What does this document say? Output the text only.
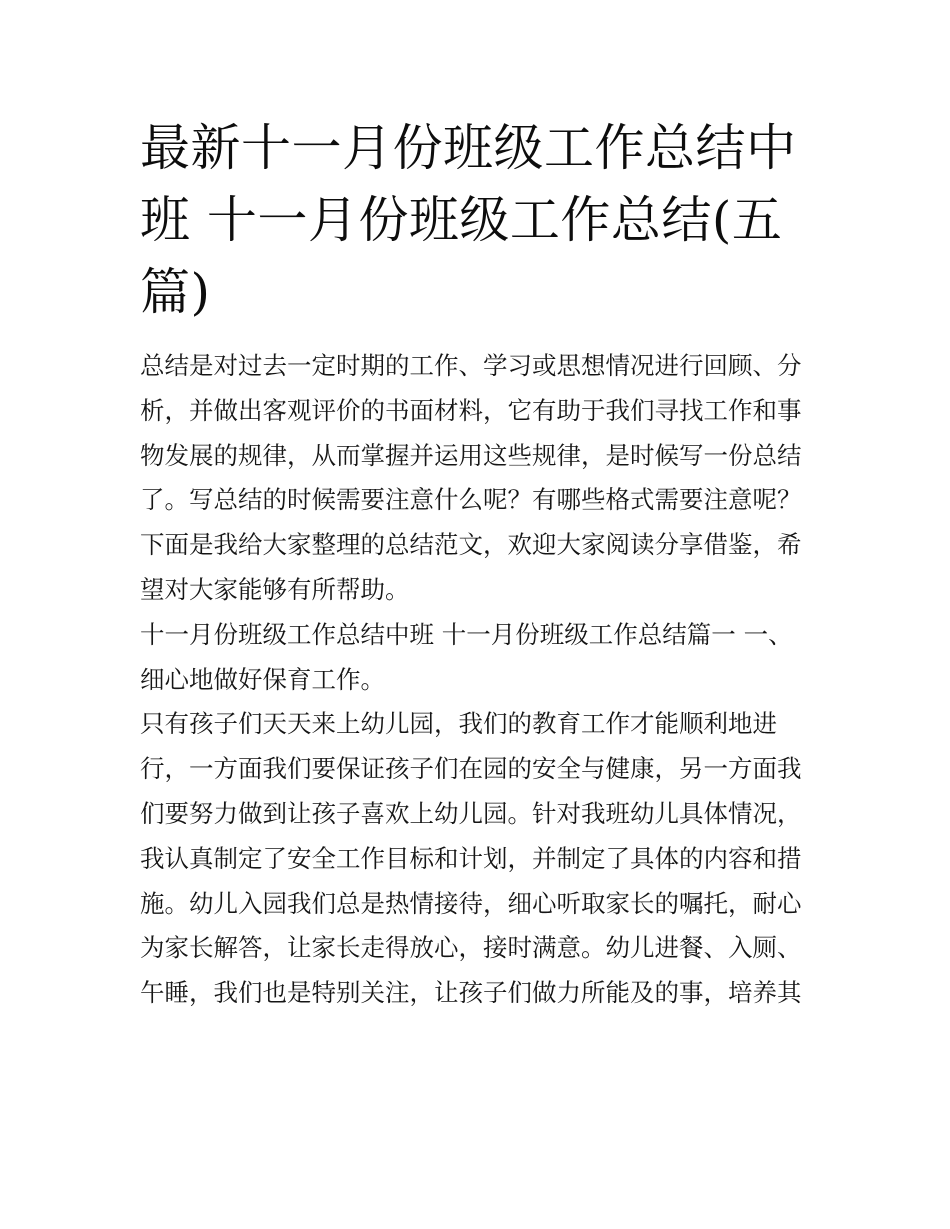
最新十一月份班级工作总结中
班 十一月份班级工作总结(五
篇)
总结是对过去一定时期的工作、学习或思想情况进行回顾、分
析，并做出客观评价的书面材料，它有助于我们寻找工作和事
物发展的规律，从而掌握并运用这些规律，是时候写一份总结
了。写总结的时候需要注意什么呢？有哪些格式需要注意呢？
下面是我给大家整理的总结范文，欢迎大家阅读分享借鉴，希
望对大家能够有所帮助。
十一月份班级工作总结中班 十一月份班级工作总结篇一 一、
细心地做好保育工作。
只有孩子们天天来上幼儿园，我们的教育工作才能顺利地进
行，一方面我们要保证孩子们在园的安全与健康，另一方面我
们要努力做到让孩子喜欢上幼儿园。针对我班幼儿具体情况，
我认真制定了安全工作目标和计划，并制定了具体的内容和措
施。幼儿入园我们总是热情接待，细心听取家长的嘱托，耐心
为家长解答，让家长走得放心，接时满意。幼儿进餐、入厕、
午睡，我们也是特别关注，让孩子们做力所能及的事，培养其
